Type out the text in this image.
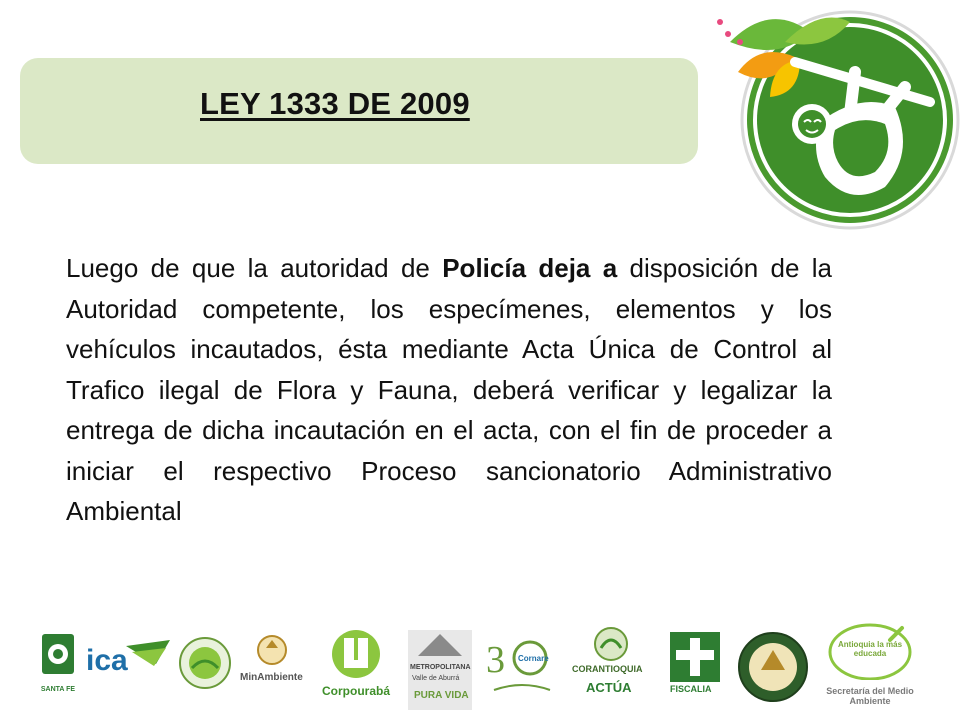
LEY 1333 DE 2009
Luego de que la autoridad de Policía deja a disposición de la Autoridad competente, los especímenes, elementos y los vehículos incautados, ésta mediante Acta Única de Control al Trafico ilegal de Flora y Fauna, deberá verificar y legalizar la entrega de dicha incautación en el acta, con el fin de proceder a iniciar el respectivo Proceso sancionatorio Administrativo Ambiental
SANTA FE
ica
MinAmbiente
Corpourabá
METROPOLITANA
Valle de Aburrá
PURA VIDA
3 Cornare
CORANTIOQUIA
ACTÚA	FISCALIA
Antioquia la más educada
Secretaría del Medio Ambiente
